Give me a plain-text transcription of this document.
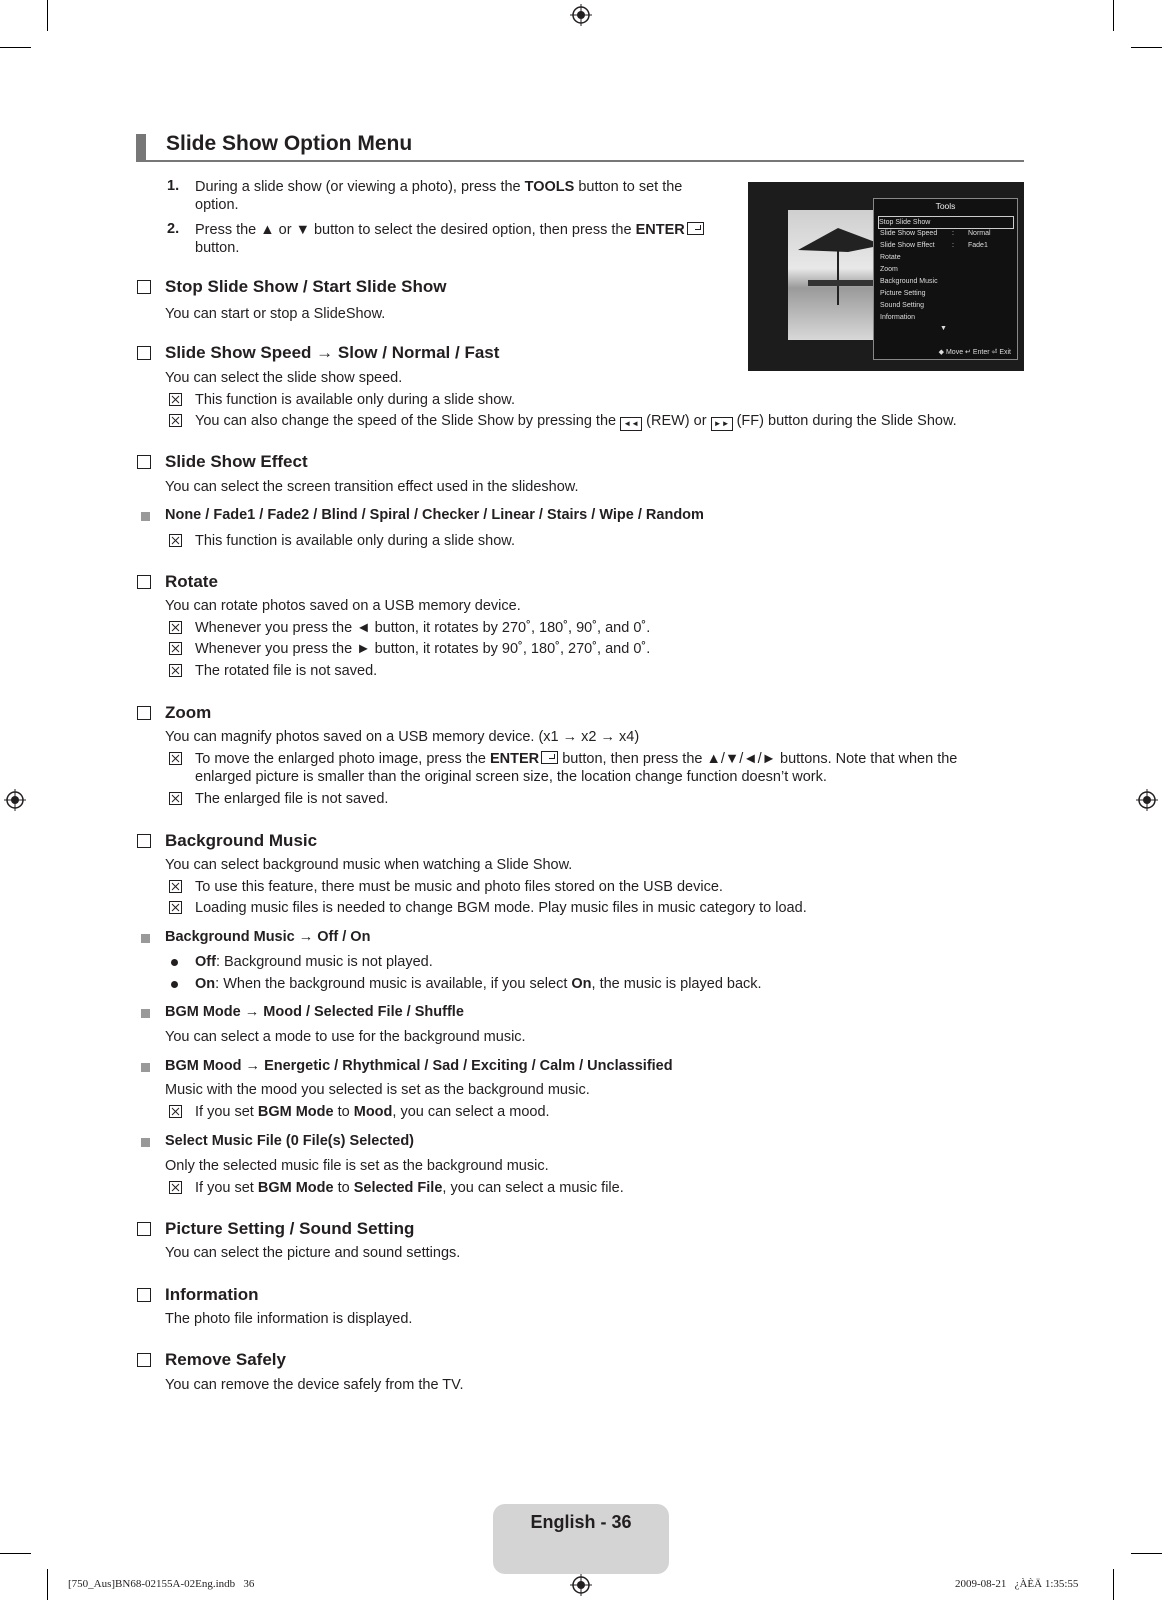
Slide Show Option Menu
1. During a slide show (or viewing a photo), press the TOOLS button to set the
option.
2. Press the ▲ or ▼ button to select the desired option, then press the ENTER
button.
Tools
Stop Slide Show
Slide Show Speed : Normal
Slide Show Effect : Fade1
Rotate
Zoom
Background Music
Picture Setting
Sound Setting
Information
▼
◆ Move ↵ Enter ⏎ Exit
Stop Slide Show / Start Slide Show
You can start or stop a SlideShow.
Slide Show Speed → Slow / Normal / Fast
You can select the slide show speed.
This function is available only during a slide show.
You can also change the speed of the Slide Show by pressing the ◄◄ (REW) or ►► (FF) button during the Slide Show.
Slide Show Effect
You can select the screen transition effect used in the slideshow.
None / Fade1 / Fade2 / Blind / Spiral / Checker / Linear / Stairs / Wipe / Random
This function is available only during a slide show.
Rotate
You can rotate photos saved on a USB memory device.
Whenever you press the ◄ button, it rotates by 270˚, 180˚, 90˚, and 0˚.
Whenever you press the ► button, it rotates by 90˚, 180˚, 270˚, and 0˚.
The rotated file is not saved.
Zoom
You can magnify photos saved on a USB memory device. (x1 → x2 → x4)
To move the enlarged photo image, press the ENTER button, then press the ▲/▼/◄/► buttons. Note that when the
enlarged picture is smaller than the original screen size, the location change function doesn’t work.
The enlarged file is not saved.
Background Music
You can select background music when watching a Slide Show.
To use this feature, there must be music and photo files stored on the USB device.
Loading music files is needed to change BGM mode. Play music files in music category to load.
Background Music → Off / On
Off: Background music is not played.
On: When the background music is available, if you select On, the music is played back.
BGM Mode → Mood / Selected File / Shuffle
You can select a mode to use for the background music.
BGM Mood → Energetic / Rhythmical / Sad / Exciting / Calm / Unclassified
Music with the mood you selected is set as the background music.
If you set BGM Mode to Mood, you can select a mood.
Select Music File (0 File(s) Selected)
Only the selected music file is set as the background music.
If you set BGM Mode to Selected File, you can select a music file.
Picture Setting / Sound Setting
You can select the picture and sound settings.
Information
The photo file information is displayed.
Remove Safely
You can remove the device safely from the TV.
English - 36
[750_Aus]BN68-02155A-02Eng.indb   36	2009-08-21   ¿ÀÈÄ 1:35:55
